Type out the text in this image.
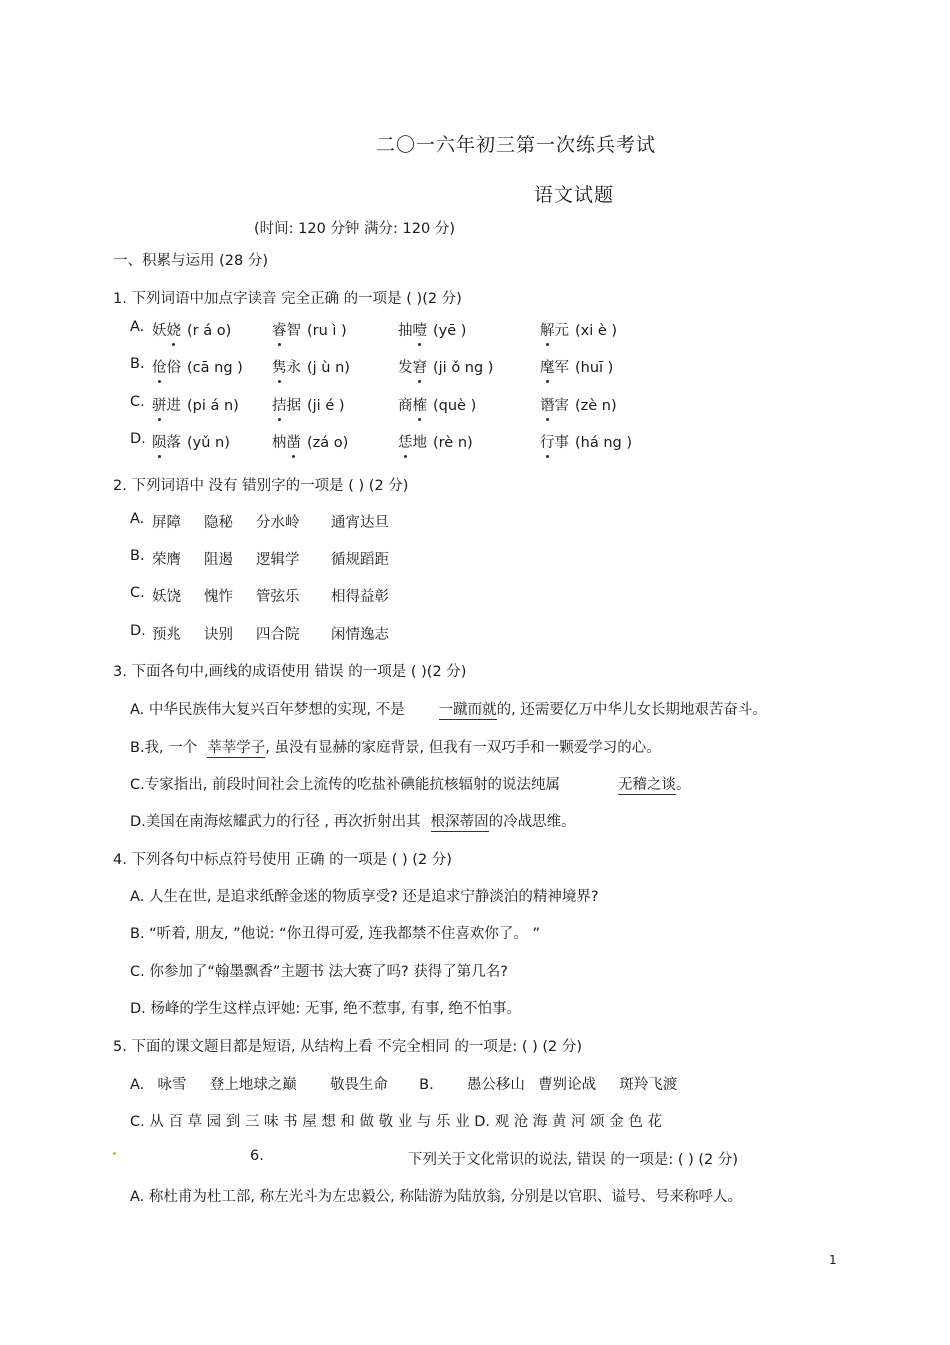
二〇一六年初三第一次练兵考试
语文试题
(时间: 120 分钟 满分: 120 分)
一、积累与运用 (28 分)
1. 下列词语中加点字读音 完全正确 的一项是 ( )(2 分)
A. 妖娆 (r á o)	睿智 (ru ì )	抽噎 (yē )	解元 (xi è )
B. 伧俗 (cā ng ) 隽永 (j ù n)	发窘 (ji ǒ ng )	麾军 (huī )
C. 骈进 (pi á n) 拮据 (ji é )	商榷 (què )	谮害 (zè n)
D. 陨落 (yǔ n)	枘凿 (zá o)	恁地 (rè n)	行事 (há ng )
2. 下列词语中 没有 错别字的一项是 ( ) (2 分)
A. 屏障 隐秘 分水岭 通宵达旦
B. 荣膺 阻遏 逻辑学 循规蹈距
C. 妖饶 愧怍 管弦乐 相得益彰
D. 预兆 诀别 四合院 闲情逸志
3. 下面各句中,画线的成语使用 错误 的一项是 ( )(2 分)
A. 中华民族伟大复兴百年梦想的实现, 不是 一蹴而就的, 还需要亿万中华儿女长期地艰苦奋斗。
B.我, 一个 莘莘学子, 虽没有显赫的家庭背景, 但我有一双巧手和一颗爱学习的心。
C.专家指出, 前段时间社会上流传的吃盐补碘能抗核辐射的说法纯属	无稽之谈。
D.美国在南海炫耀武力的行径 , 再次折射出其 根深蒂固的冷战思维。
4. 下列各句中标点符号使用 正确 的一项是 ( ) (2 分)
A. 人生在世, 是追求纸醉金迷的物质享受? 还是追求宁静淡泊的精神境界?
B. “听着, 朋友, ”他说: “你丑得可爱, 连我都禁不住喜欢你了。 ”
C. 你参加了“翰墨飘香”主题书 法大赛了吗? 获得了第几名?
D. 杨峰的学生这样点评她: 无事, 绝不惹事, 有事, 绝不怕事。
5. 下面的课文题目都是短语, 从结构上看 不完全相同 的一项是: ( ) (2 分)
A. 咏雪 登上地球之巅 敬畏生命 B. 愚公移山 曹刿论战 斑羚飞渡
C. 从 百 草 园 到 三 味 书 屋 想 和 做 敬 业 与 乐 业 D. 观 沧 海 黄 河 颂 金 色 花
6.	下列关于文化常识的说法, 错误 的一项是: ( ) (2 分)
A. 称杜甫为杜工部, 称左光斗为左忠毅公, 称陆游为陆放翁, 分别是以官职、谥号、号来称呼人。
1
